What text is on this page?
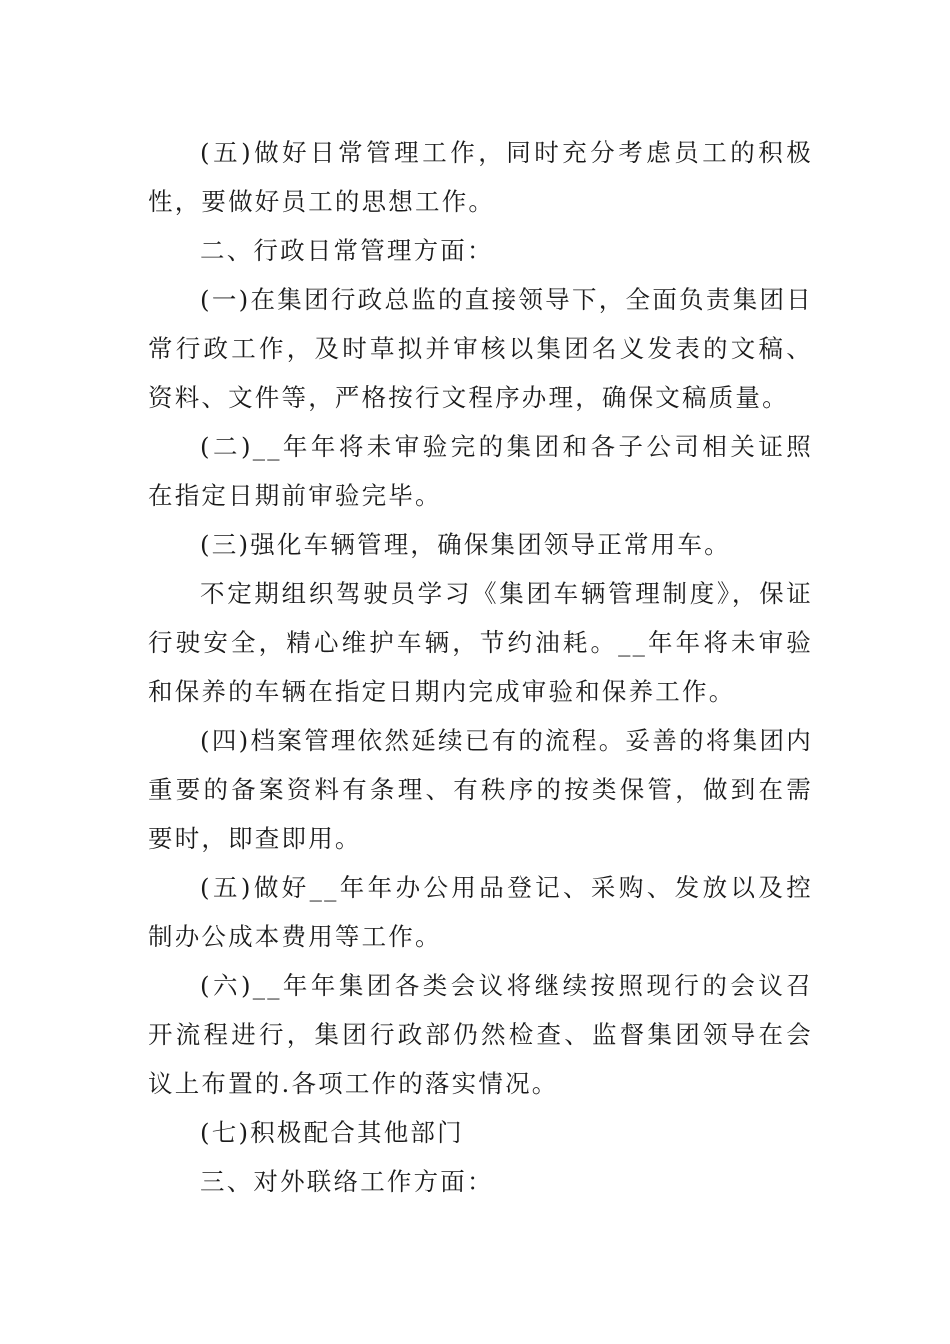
(五)做好日常管理工作，同时充分考虑员工的积极性，要做好员工的思想工作。

二、行政日常管理方面：

(一)在集团行政总监的直接领导下，全面负责集团日常行政工作，及时草拟并审核以集团名义发表的文稿、资料、文件等，严格按行文程序办理，确保文稿质量。

(二)__年年将未审验完的集团和各子公司相关证照在指定日期前审验完毕。

(三)强化车辆管理，确保集团领导正常用车。

不定期组织驾驶员学习《集团车辆管理制度》，保证行驶安全，精心维护车辆，节约油耗。__年年将未审验和保养的车辆在指定日期内完成审验和保养工作。

(四)档案管理依然延续已有的流程。妥善的将集团内重要的备案资料有条理、有秩序的按类保管，做到在需要时，即查即用。

(五)做好__年年办公用品登记、采购、发放以及控制办公成本费用等工作。

(六)__年年集团各类会议将继续按照现行的会议召开流程进行，集团行政部仍然检查、监督集团领导在会议上布置的.各项工作的落实情况。

(七)积极配合其他部门

三、对外联络工作方面：
